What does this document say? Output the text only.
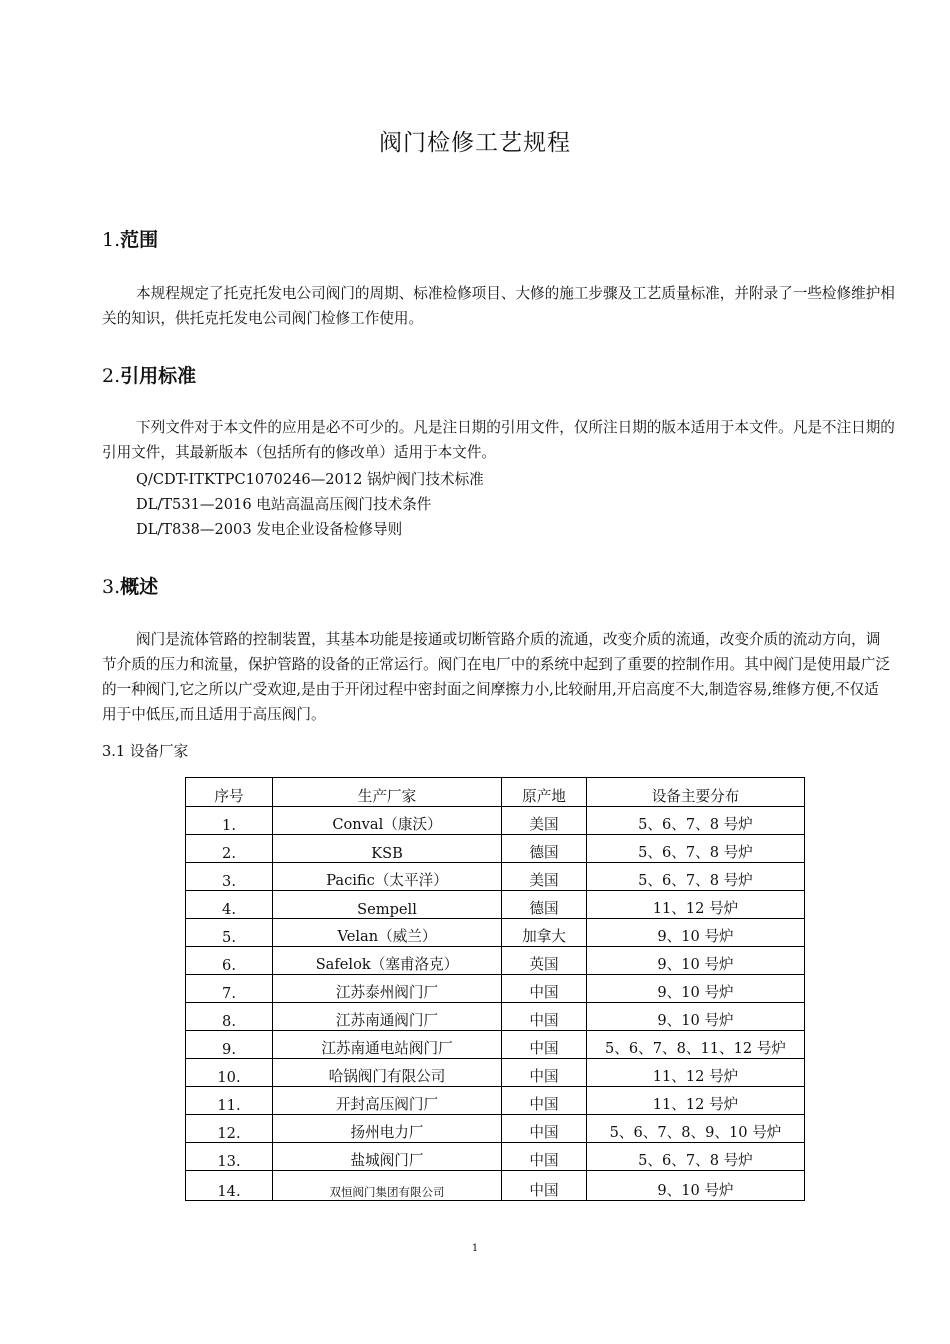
阀门检修工艺规程
1.范围
本规程规定了托克托发电公司阀门的周期、标准检修项目、大修的施工步骤及工艺质量标准，并附录了一些检修维护相关的知识，供托克托发电公司阀门检修工作使用。
2.引用标准
下列文件对于本文件的应用是必不可少的。凡是注日期的引用文件，仅所注日期的版本适用于本文件。凡是不注日期的引用文件，其最新版本（包括所有的修改单）适用于本文件。
Q/CDT-ITKTPC1070246—2012 锅炉阀门技术标准
DL/T531—2016 电站高温高压阀门技术条件
DL/T838—2003 发电企业设备检修导则
3.概述
阀门是流体管路的控制装置，其基本功能是接通或切断管路介质的流通，改变介质的流通，改变介质的流动方向，调节介质的压力和流量，保护管路的设备的正常运行。阀门在电厂中的系统中起到了重要的控制作用。其中阀门是使用最广泛的一种阀门,它之所以广受欢迎,是由于开闭过程中密封面之间摩擦力小,比较耐用,开启高度不大,制造容易,维修方便,不仅适用于中低压,而且适用于高压阀门。
3.1 设备厂家
序号	生产厂家	原产地	设备主要分布
1.	Conval（康沃）	美国	5、6、7、8 号炉
2.	KSB	德国	5、6、7、8 号炉
3.	Pacific（太平洋）	美国	5、6、7、8 号炉
4.	Sempell	德国	11、12 号炉
5.	Velan（威兰）	加拿大	9、10 号炉
6.	Safelok（塞甫洛克）	英国	9、10 号炉
7.	江苏泰州阀门厂	中国	9、10 号炉
8.	江苏南通阀门厂	中国	9、10 号炉
9.	江苏南通电站阀门厂	中国	5、6、7、8、11、12 号炉
10.	哈锅阀门有限公司	中国	11、12 号炉
11.	开封高压阀门厂	中国	11、12 号炉
12.	扬州电力厂	中国	5、6、7、8、9、10 号炉
13.	盐城阀门厂	中国	5、6、7、8 号炉
14.	双恒阀门集团有限公司	中国	9、10 号炉
1
